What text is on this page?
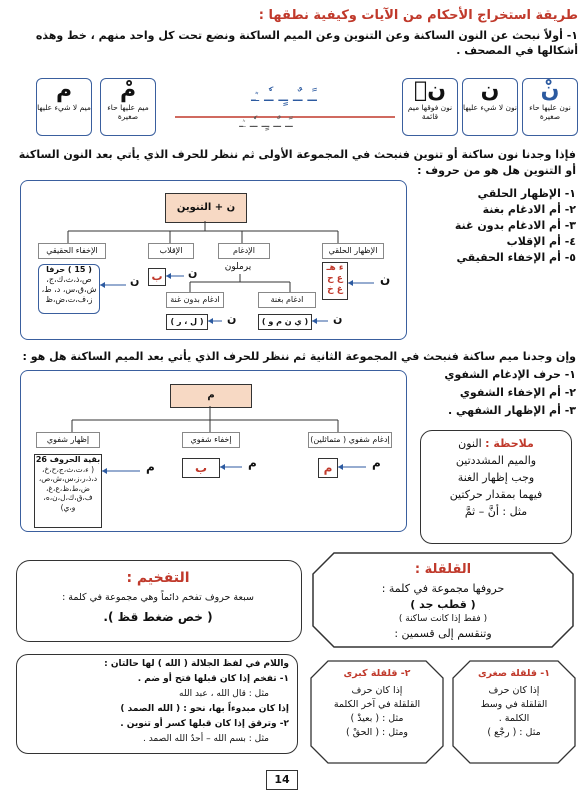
طريقة استخراج الأحكام من الآيات وكيفية نطقها :
١- أولاً نبحث عن النون الساكنة وعن التنوين وعن الميم الساكنة ونضع تحت كل واحد منهم ، خط وهذه أشكالها في المصحف .
نْ
نون عليها حاء صغيرة
ن
نون لا شيء عليها
نۜ
نون فوقها ميم قائمة
ـًـ ـٌـ ـٍـ ـٗـ ـٞـ
ـًـ ـٌـ ـٍـ ـٗـ ـٞـ
مْ
ميم عليها حاء صغيرة
م
ميم لا شيء عليها
فإذا وجدنا نون ساكنة أو تنوين فنبحث في المجموعة الأولى ثم ننظر للحرف الذي يأتي بعد النون الساكنة
أو التنوين هل هو من حروف :
ن + التنوين
الإظهار الحلقي
الإدغام
الإقلاب
الإخفاء الحقيقي
ء هـ ع ح غ خ
ن
يرملون
ادغام بغنة
ادغام بدون غنة
( ي ن م و )
( ل ، ر )	ن
ن
ب	ن
( 15 ) حرفا
ص،ذ،ث،ك،ج، ش،ق،س، د، ط، ز،ف،ت،ض،ظ
ن
١- الإظهار الحلقي
٢- أم الادغام بغنة
٣- أم الادغام بدون غنة
٤- أم الإقلاب
٥- أم الإخفاء الحقيقي
وإن وجدنا ميم ساكنة فنبحث في المجموعة الثانية ثم ننظر للحرف الذي يأتي بعد الميم الساكنة هل هو :
م
إدغام شفوي ( متماثلين)
إخفاء شفوي
إظهار شفوي
م	م
ب	م
بقية الحروف 26
( ء،ت،ث،ج،ح،خ، د،ذ،ر،ز،س،ش،ص، ض،ط،ظ،ع،غ، ف،ق،ك،ل،ن،ه، و،ي)
م
١- حرف الإدغام الشفوي
٢- أم الإخفاء الشفوي
٣- أم الإظهار الشفهي .
ملاحظة : النون
والميم المشددتين
وجب إظهار الغنة
فيهما بمقدار حركتين
مثل : أنَّ – ثمَّ
القلقلة :
حروفها مجموعة في كلمة :
( قطب جد )
( فقط إذا كانت ساكنة )
وتنقسم إلى قسمين :
التفخيم :
سبعة حروف تفخم دائماً وهي مجموعة في كلمة :
( خص ضغط قظ ).
واللام في لفظ الجلالة ( الله ) لها حالتان :
١- تفخم إذا كان قبلها فتح أو ضم .
مثل : قال الله ، عبد الله
إذا كان مبدوءاً بها، نحو : ( الله الصمد )
٢- وترقق إذا كان قبلها كسر أو تنوين .
مثل : بسم الله – أحدٌ الله الصمد .
٢- قلقلة كبرى
إذا كان حرف
القلقلة في آخر الكلمة
مثل : ( بعيدْ )
ومثل : ( الحقْ )
١- قلقلة صغرى
إذا كان حرف
القلقلة في وسط
الكلمة .
مثل : ( رجْع )
14
